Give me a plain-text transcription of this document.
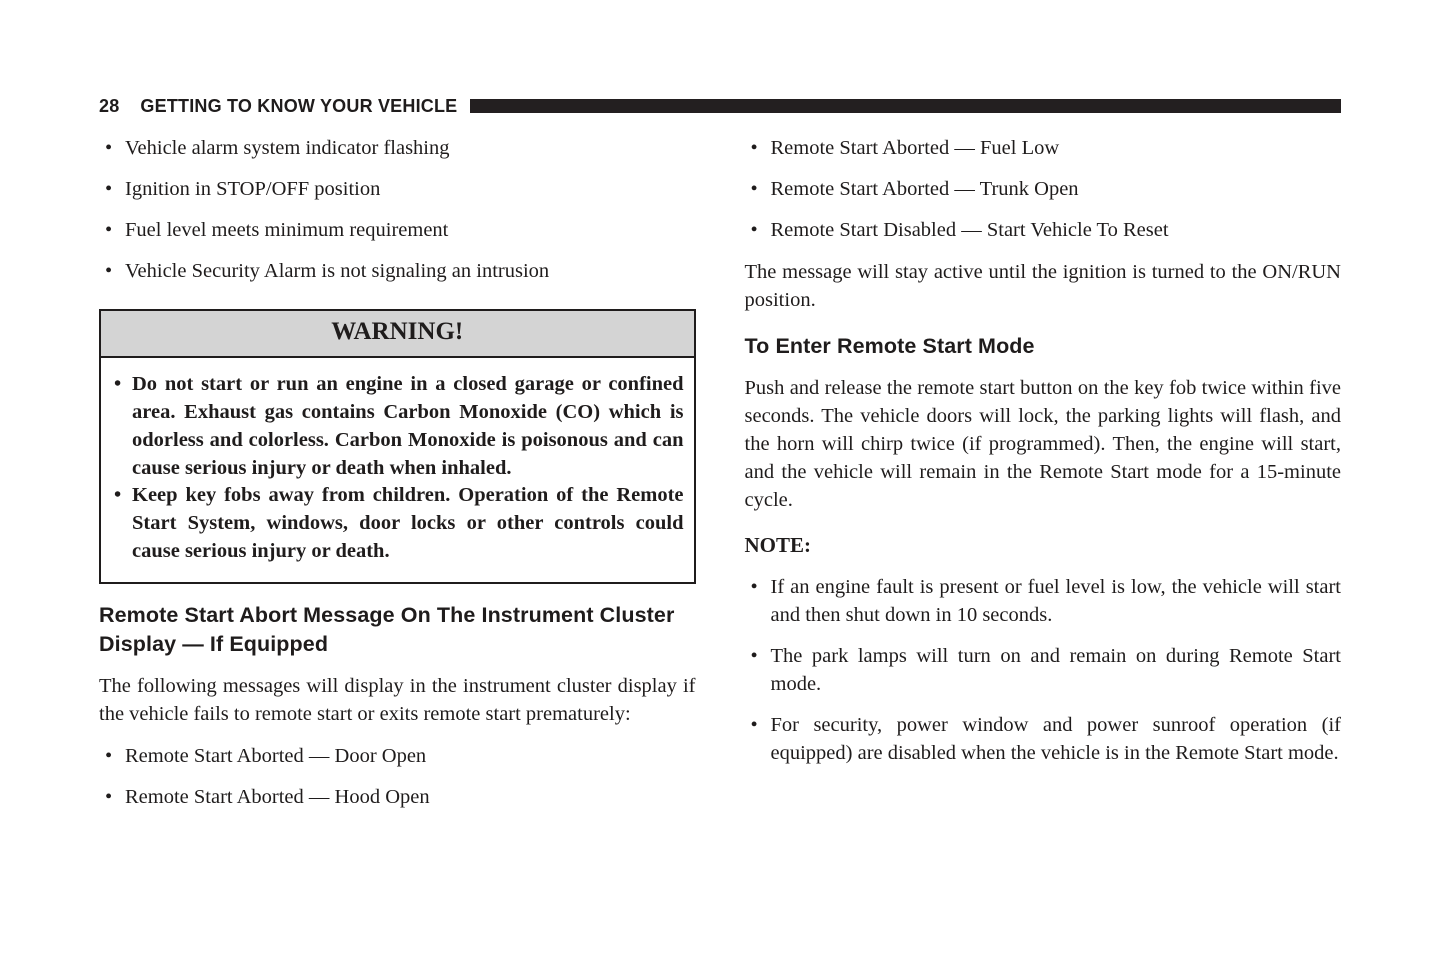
28 GETTING TO KNOW YOUR VEHICLE
• Vehicle alarm system indicator flashing
• Ignition in STOP/OFF position
• Fuel level meets minimum requirement
• Vehicle Security Alarm is not signaling an intrusion
WARNING!
• Do not start or run an engine in a closed garage or confined area. Exhaust gas contains Carbon Monoxide (CO) which is odorless and colorless. Carbon Monoxide is poisonous and can cause serious injury or death when inhaled.
• Keep key fobs away from children. Operation of the Remote Start System, windows, door locks or other controls could cause serious injury or death.
Remote Start Abort Message On The Instrument Cluster Display — If Equipped

The following messages will display in the instrument cluster display if the vehicle fails to remote start or exits remote start prematurely:

• Remote Start Aborted — Door Open
• Remote Start Aborted — Hood Open
• Remote Start Aborted — Fuel Low
• Remote Start Aborted — Trunk Open
• Remote Start Disabled — Start Vehicle To Reset

The message will stay active until the ignition is turned to the ON/RUN position.

To Enter Remote Start Mode

Push and release the remote start button on the key fob twice within five seconds. The vehicle doors will lock, the parking lights will flash, and the horn will chirp twice (if programmed). Then, the engine will start, and the vehicle will remain in the Remote Start mode for a 15-minute cycle.

NOTE:
• If an engine fault is present or fuel level is low, the vehicle will start and then shut down in 10 seconds.
• The park lamps will turn on and remain on during Remote Start mode.
• For security, power window and power sunroof operation (if equipped) are disabled when the vehicle is in the Remote Start mode.
